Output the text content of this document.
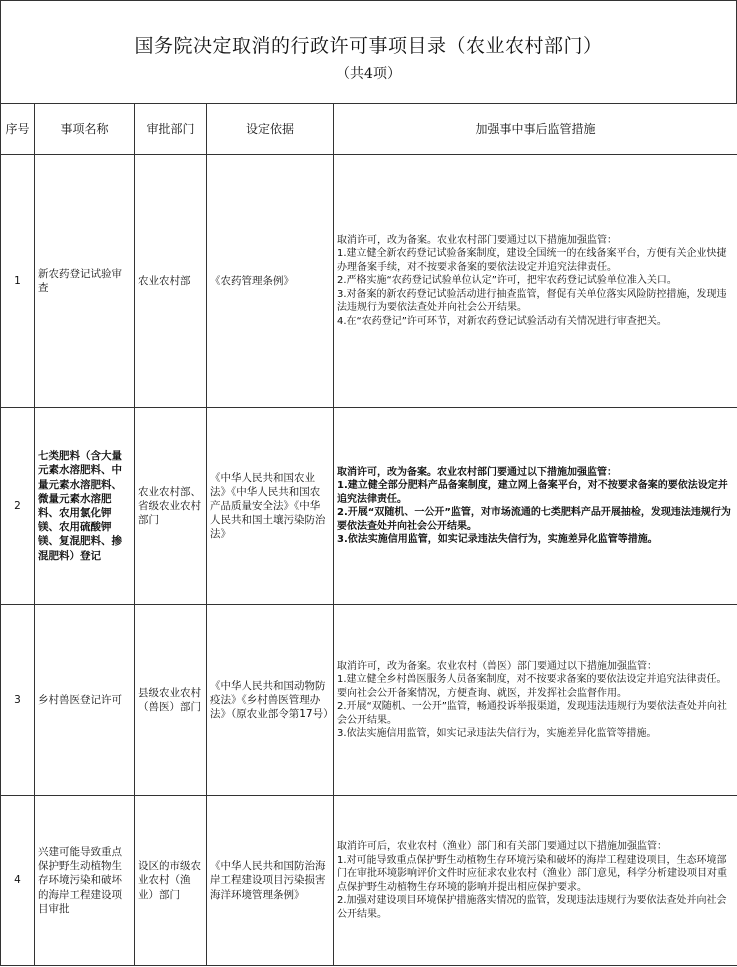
国务院决定取消的行政许可事项目录（农业农村部门）
（共4项）
序号	事项名称	审批部门	设定依据	加强事中事后监管措施
1	新农药登记试验审查	农业农村部	《农药管理条例》	取消许可，改为备案。农业农村部门要通过以下措施加强监管：
1.建立健全新农药登记试验备案制度，建设全国统一的在线备案平台，方便有关企业快捷办理备案手续，对不按要求备案的要依法设定并追究法律责任。
2.严格实施“农药登记试验单位认定”许可，把牢农药登记试验单位准入关口。
3.对备案的新农药登记试验活动进行抽查监管，督促有关单位落实风险防控措施，发现违法违规行为要依法查处并向社会公开结果。
4.在“农药登记”许可环节，对新农药登记试验活动有关情况进行审查把关。

2	七类肥料（含大量元素水溶肥料、中量元素水溶肥料、微量元素水溶肥料、农用氯化钾镁、农用硫酸钾镁、复混肥料、掺混肥料）登记	农业农村部、省级农业农村部门	《中华人民共和国农业法》《中华人民共和国农产品质量安全法》《中华人民共和国土壤污染防治法》	取消许可，改为备案。农业农村部门要通过以下措施加强监管：
1.建立健全部分肥料产品备案制度，建立网上备案平台，对不按要求备案的要依法设定并追究法律责任。
2.开展“双随机、一公开”监管，对市场流通的七类肥料产品开展抽检，发现违法违规行为要依法查处并向社会公开结果。
3.依法实施信用监管，如实记录违法失信行为，实施差异化监管等措施。

3	乡村兽医登记许可	县级农业农村（兽医）部门	《中华人民共和国动物防疫法》《乡村兽医管理办法》（原农业部令第17号）	取消许可，改为备案。农业农村（兽医）部门要通过以下措施加强监管：
1.建立健全乡村兽医服务人员备案制度，对不按要求备案的要依法设定并追究法律责任。要向社会公开备案情况，方便查询、就医，并发挥社会监督作用。
2.开展“双随机、一公开”监管，畅通投诉举报渠道，发现违法违规行为要依法查处并向社会公开结果。
3.依法实施信用监管，如实记录违法失信行为，实施差异化监管等措施。

4	兴建可能导致重点保护野生动植物生存环境污染和破坏的海岸工程建设项目审批	设区的市级农业农村（渔业）部门	《中华人民共和国防治海岸工程建设项目污染损害海洋环境管理条例》	取消许可后，农业农村（渔业）部门和有关部门要通过以下措施加强监管：
1.对可能导致重点保护野生动植物生存环境污染和破坏的海岸工程建设项目，生态环境部门在审批环境影响评价文件时应征求农业农村（渔业）部门意见，科学分析建设项目对重点保护野生动植物生存环境的影响并提出相应保护要求。
2.加强对建设项目环境保护措施落实情况的监管，发现违法违规行为要依法查处并向社会公开结果。
